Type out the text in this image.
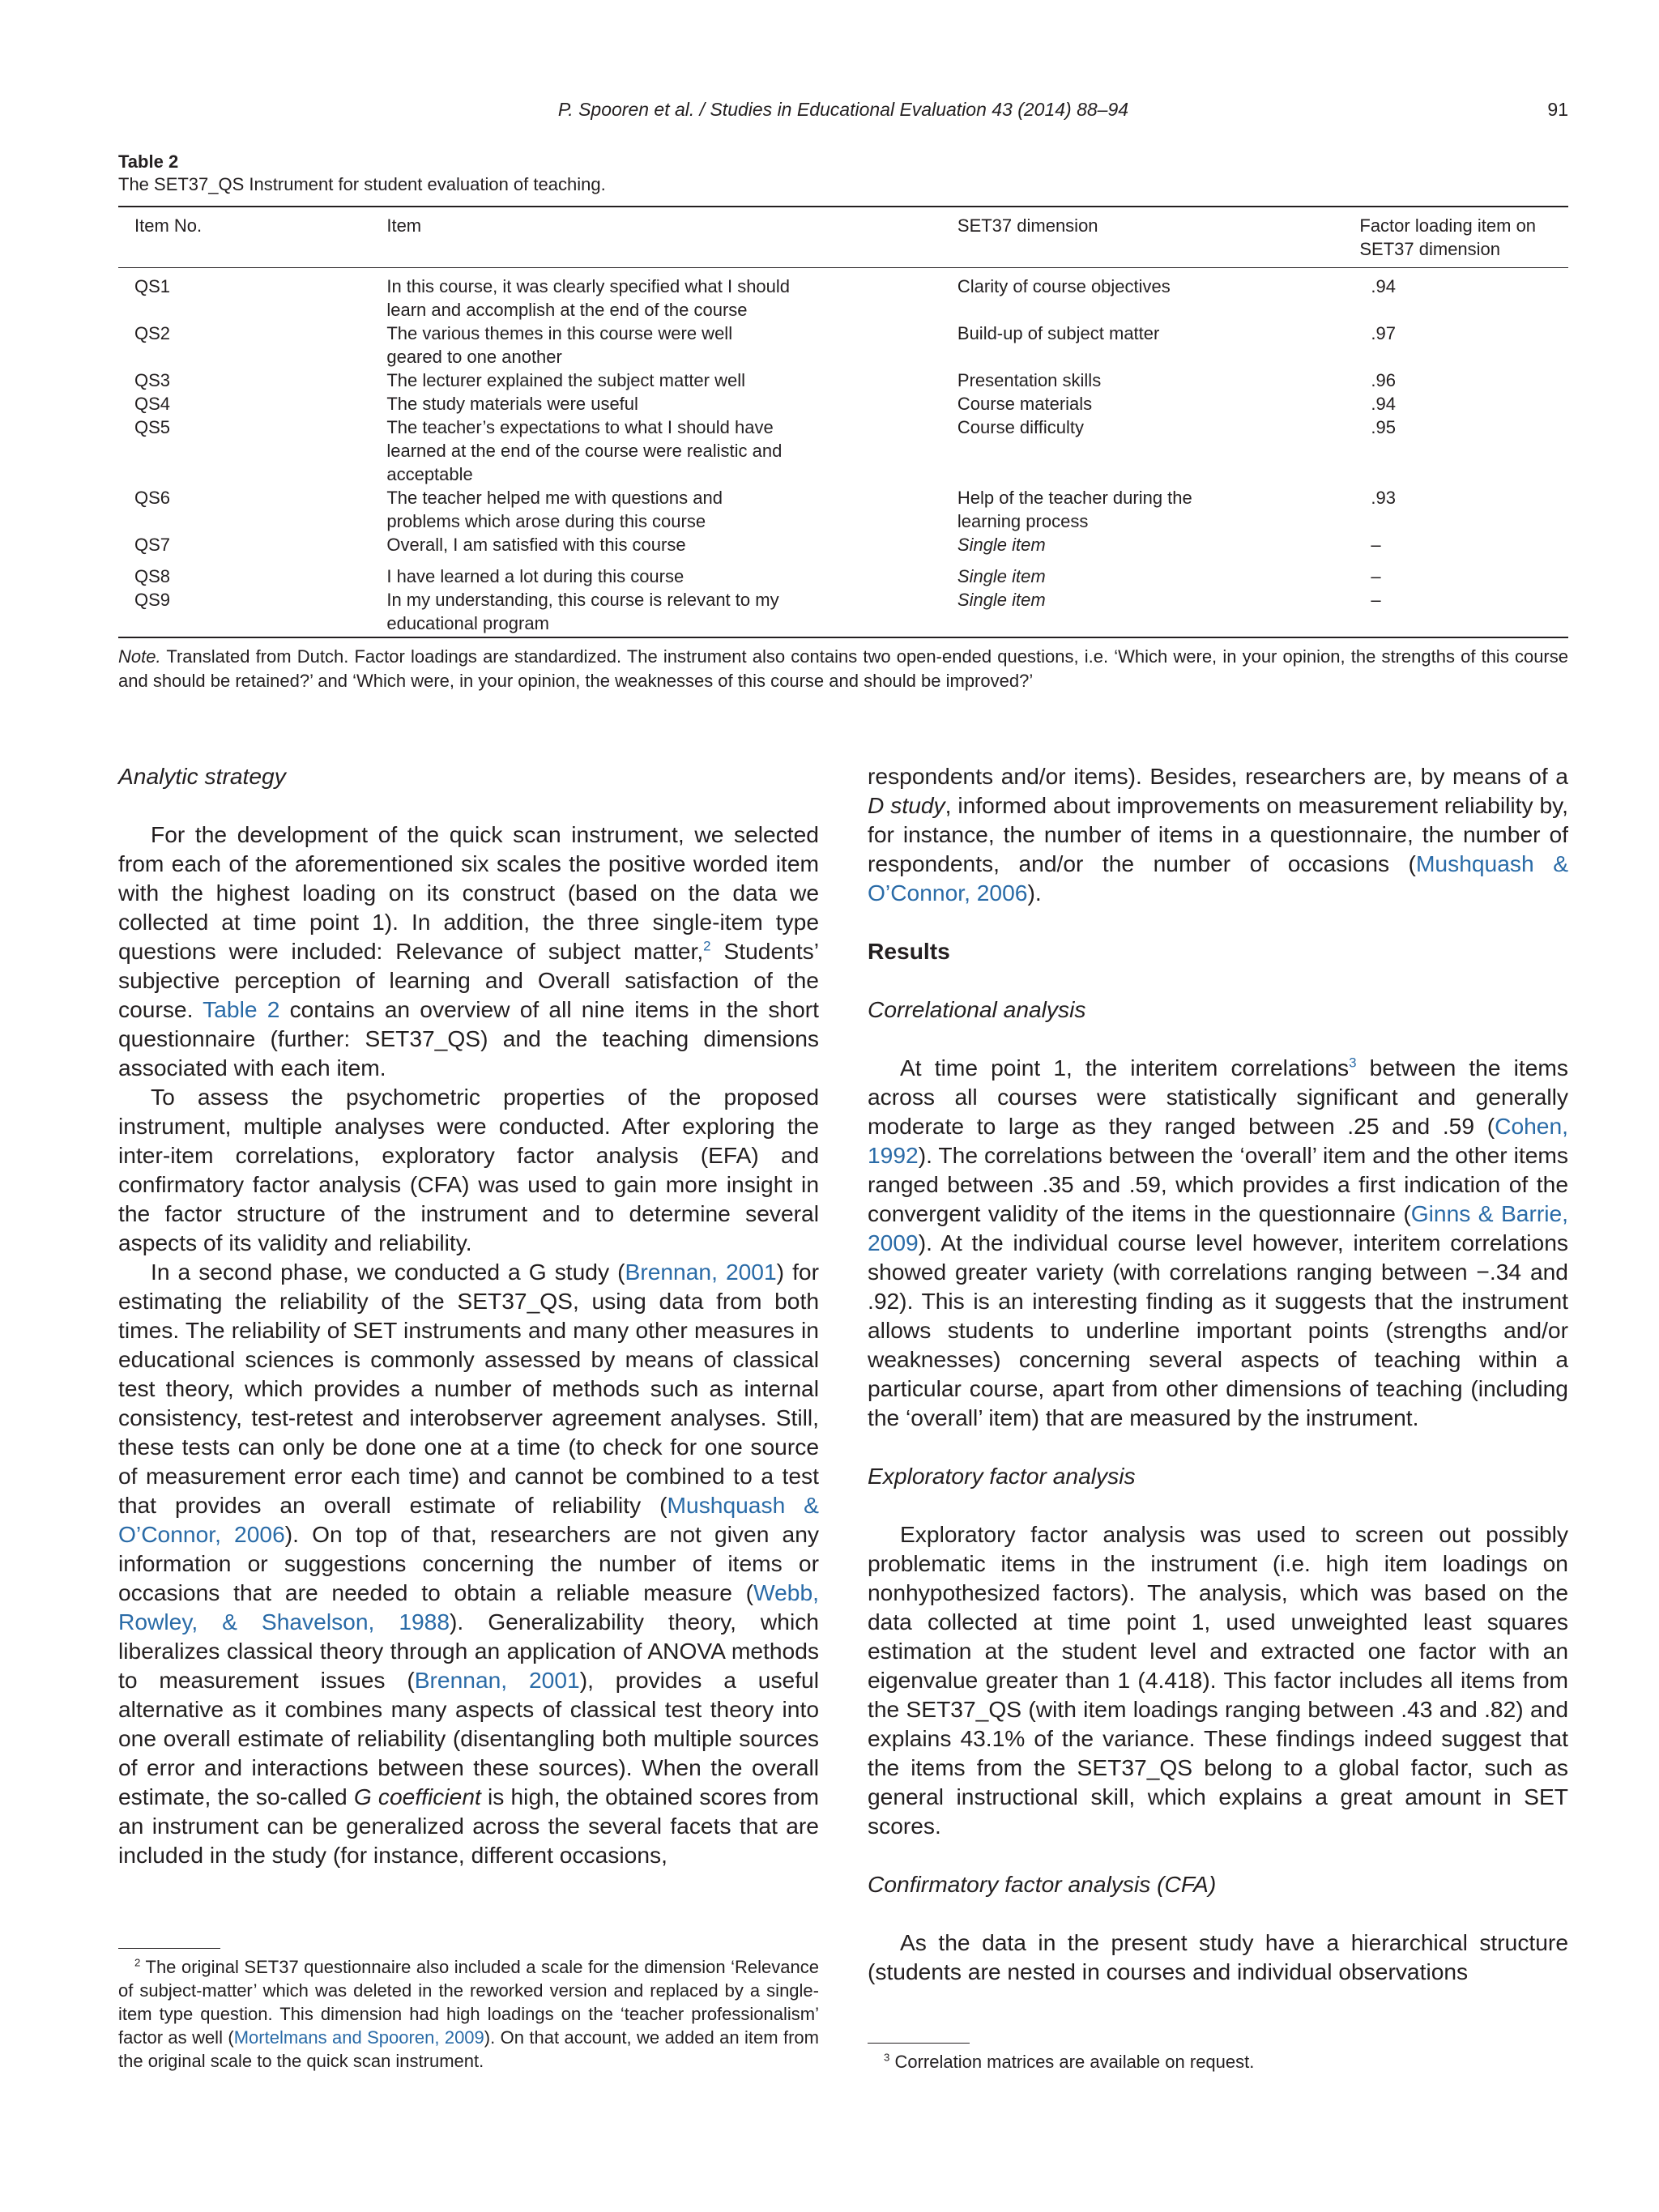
P. Spooren et al. / Studies in Educational Evaluation 43 (2014) 88–94	91
Table 2
The SET37_QS Instrument for student evaluation of teaching.
Item No.	Item	SET37 dimension	Factor loading item on SET37 dimension

QS1	In this course, it was clearly specified what I should learn and accomplish at the end of the course	Clarity of course objectives	.94
QS2	The various themes in this course were well geared to one another	Build-up of subject matter	.97
QS3	The lecturer explained the subject matter well	Presentation skills	.96
QS4	The study materials were useful	Course materials	.94
QS5	The teacher’s expectations to what I should have learned at the end of the course were realistic and acceptable	Course difficulty	.95
QS6	The teacher helped me with questions and problems which arose during this course	Help of the teacher during the learning process	.93
QS7	Overall, I am satisfied with this course	Single item	–

QS8	I have learned a lot during this course	Single item	–
QS9	In my understanding, this course is relevant to my educational program	Single item	–
Note. Translated from Dutch. Factor loadings are standardized. The instrument also contains two open-ended questions, i.e. ‘Which were, in your opinion, the strengths of this course and should be retained?’ and ‘Which were, in your opinion, the weaknesses of this course and should be improved?’

Analytic strategy

For the development of the quick scan instrument, we selected from each of the aforementioned six scales the positive worded item with the highest loading on its construct (based on the data we collected at time point 1). In addition, the three single-item type questions were included: Relevance of subject matter,$^2$ Students’ subjective perception of learning and Overall satisfaction of the course. Table 2 contains an overview of all nine items in the short questionnaire (further: SET37_QS) and the teaching dimensions associated with each item.

To assess the psychometric properties of the proposed instrument, multiple analyses were conducted. After exploring the inter-item correlations, exploratory factor analysis (EFA) and confirmatory factor analysis (CFA) was used to gain more insight in the factor structure of the instrument and to determine several aspects of its validity and reliability.

In a second phase, we conducted a G study (Brennan, 2001) for estimating the reliability of the SET37_QS, using data from both times. The reliability of SET instruments and many other measures in educational sciences is commonly assessed by means of classical test theory, which provides a number of methods such as internal consistency, test-retest and interobserver agreement analyses. Still, these tests can only be done one at a time (to check for one source of measurement error each time) and cannot be combined to a test that provides an overall estimate of reliability (Mushquash & O’Connor, 2006). On top of that, researchers are not given any information or suggestions concerning the number of items or occasions that are needed to obtain a reliable measure (Webb, Rowley, & Shavelson, 1988). Generalizability theory, which liberalizes classical theory through an application of ANOVA methods to measurement issues (Brennan, 2001), provides a useful alternative as it combines many aspects of classical test theory into one overall estimate of reliability (disentangling both multiple sources of error and interactions between these sources). When the overall estimate, the so-called G coefficient is high, the obtained scores from an instrument can be generalized across the several facets that are included in the study (for instance, different occasions,

respondents and/or items). Besides, researchers are, by means of a D study, informed about improvements on measurement reliability by, for instance, the number of items in a questionnaire, the number of respondents, and/or the number of occasions (Mushquash & O’Connor, 2006).

Results

Correlational analysis

At time point 1, the interitem correlations$^3$ between the items across all courses were statistically significant and generally moderate to large as they ranged between .25 and .59 (Cohen, 1992). The correlations between the ‘overall’ item and the other items ranged between .35 and .59, which provides a first indication of the convergent validity of the items in the questionnaire (Ginns & Barrie, 2009). At the individual course level however, interitem correlations showed greater variety (with correlations ranging between −.34 and .92). This is an interesting finding as it suggests that the instrument allows students to underline important points (strengths and/or weaknesses) concerning several aspects of teaching within a particular course, apart from other dimensions of teaching (including the ‘overall’ item) that are measured by the instrument.

Exploratory factor analysis

Exploratory factor analysis was used to screen out possibly problematic items in the instrument (i.e. high item loadings on nonhypothesized factors). The analysis, which was based on the data collected at time point 1, used unweighted least squares estimation at the student level and extracted one factor with an eigenvalue greater than 1 (4.418). This factor includes all items from the SET37_QS (with item loadings ranging between .43 and .82) and explains 43.1% of the variance. These findings indeed suggest that the items from the SET37_QS belong to a global factor, such as general instructional skill, which explains a great amount in SET scores.

Confirmatory factor analysis (CFA)

As the data in the present study have a hierarchical structure (students are nested in courses and individual observations

$^2$ The original SET37 questionnaire also included a scale for the dimension ‘Relevance of subject-matter’ which was deleted in the reworked version and replaced by a single-item type question. This dimension had high loadings on the ‘teacher professionalism’ factor as well (Mortelmans and Spooren, 2009). On that account, we added an item from the original scale to the quick scan instrument.	$^3$ Correlation matrices are available on request.
